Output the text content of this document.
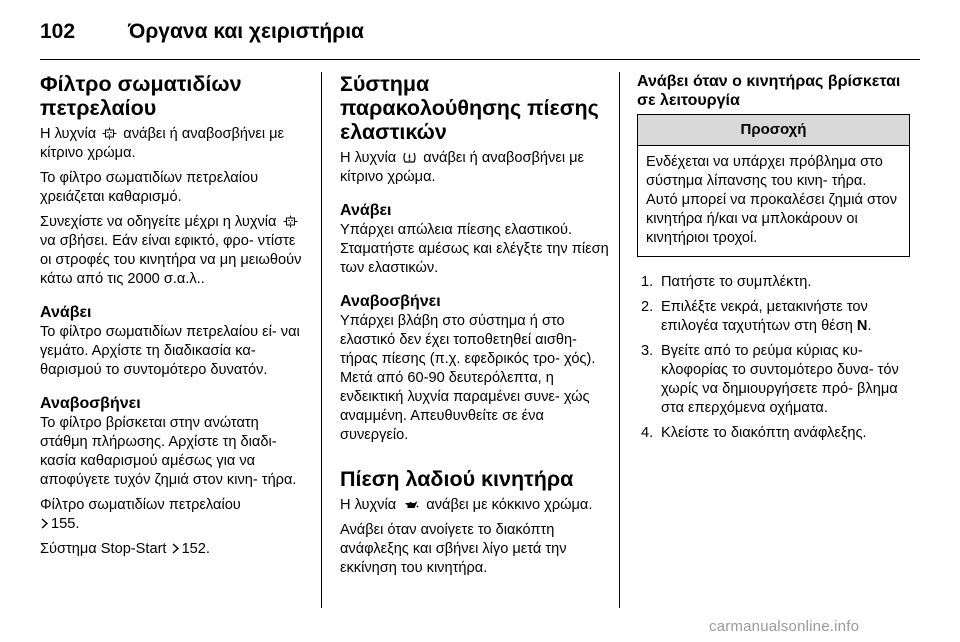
102	Όργανα και χειριστήρια
Φίλτρο σωματιδίων πετρελαίου

Η λυχνία ανάβει ή αναβοσβήνει με κίτρινο χρώμα.

Το φίλτρο σωματιδίων πετρελαίου χρειάζεται καθαρισμό.

Συνεχίστε να οδηγείτε μέχρι η λυχνία  να σβήσει. Εάν είναι εφικτό, φρο- ντίστε οι στροφές του κινητήρα να μη μειωθούν κάτω από τις 2000 σ.α.λ..

Ανάβει

Το φίλτρο σωματιδίων πετρελαίου εί- ναι γεμάτο. Αρχίστε τη διαδικασία κα- θαρισμού το συντομότερο δυνατόν.

Αναβοσβήνει

Το φίλτρο βρίσκεται στην ανώτατη στάθμη πλήρωσης. Αρχίστε τη διαδι- κασία καθαρισμού αμέσως για να αποφύγετε τυχόν ζημιά στον κινη- τήρα.

Φίλτρο σωματιδίων πετρελαίου
155.

Σύστημα Stop-Start 152.

Σύστημα παρακολούθησης πίεσης ελαστικών

Η λυχνία ανάβει ή αναβοσβήνει με κίτρινο χρώμα.

Ανάβει

Υπάρχει απώλεια πίεσης ελαστικού. Σταματήστε αμέσως και ελέγξτε την πίεση των ελαστικών.

Αναβοσβήνει

Υπάρχει βλάβη στο σύστημα ή στο ελαστικό δεν έχει τοποθετηθεί αισθη- τήρας πίεσης (π.χ. εφεδρικός τρο- χός). Μετά από 60-90 δευτερόλεπτα, η ενδεικτική λυχνία παραμένει συνε- χώς αναμμένη. Απευθυνθείτε σε ένα συνεργείο.

Πίεση λαδιού κινητήρα

Η λυχνία ανάβει με κόκκινο χρώμα.

Ανάβει όταν ανοίγετε το διακόπτη ανάφλεξης και σβήνει λίγο μετά την εκκίνηση του κινητήρα.

Ανάβει όταν ο κινητήρας βρίσκεται σε λειτουργία
Προσοχή
Ενδέχεται να υπάρχει πρόβλημα στο σύστημα λίπανσης του κινη- τήρα. Αυτό μπορεί να προκαλέσει ζημιά στον κινητήρα ή/και να μπλοκάρουν οι κινητήριοι τροχοί.
1. Πατήστε το συμπλέκτη.
2. Επιλέξτε νεκρά, μετακινήστε τον επιλογέα ταχυτήτων στη θέση N.
3. Βγείτε από το ρεύμα κύριας κυ- κλοφορίας το συντομότερο δυνα- τόν χωρίς να δημιουργήσετε πρό- βλημα στα επερχόμενα οχήματα.
4. Κλείστε το διακόπτη ανάφλεξης.
carmanualsonline.info
